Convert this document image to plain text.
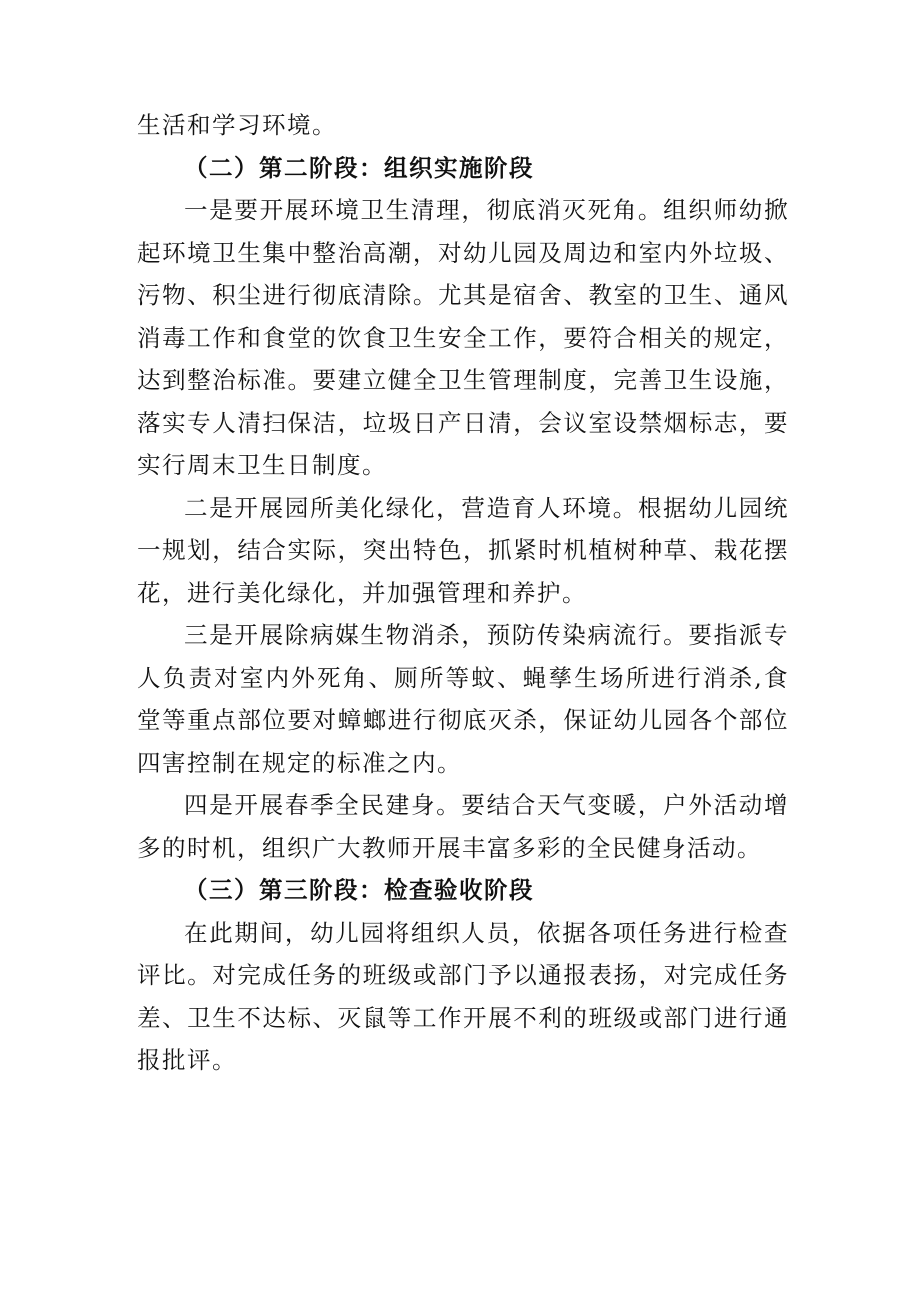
生活和学习环境。

（二）第二阶段：组织实施阶段

一是要开展环境卫生清理，彻底消灭死角。组织师幼掀起环境卫生集中整治高潮，对幼儿园及周边和室内外垃圾、污物、积尘进行彻底清除。尤其是宿舍、教室的卫生、通风消毒工作和食堂的饮食卫生安全工作，要符合相关的规定，达到整治标准。要建立健全卫生管理制度，完善卫生设施，落实专人清扫保洁，垃圾日产日清，会议室设禁烟标志，要实行周末卫生日制度。

二是开展园所美化绿化，营造育人环境。根据幼儿园统一规划，结合实际，突出特色，抓紧时机植树种草、栽花摆花，进行美化绿化，并加强管理和养护。

三是开展除病媒生物消杀，预防传染病流行。要指派专人负责对室内外死角、厕所等蚊、蝇孳生场所进行消杀,食堂等重点部位要对蟑螂进行彻底灭杀，保证幼儿园各个部位四害控制在规定的标准之内。

四是开展春季全民建身。要结合天气变暖，户外活动增多的时机，组织广大教师开展丰富多彩的全民健身活动。

（三）第三阶段：检查验收阶段

在此期间，幼儿园将组织人员，依据各项任务进行检查评比。对完成任务的班级或部门予以通报表扬，对完成任务差、卫生不达标、灭鼠等工作开展不利的班级或部门进行通报批评。
